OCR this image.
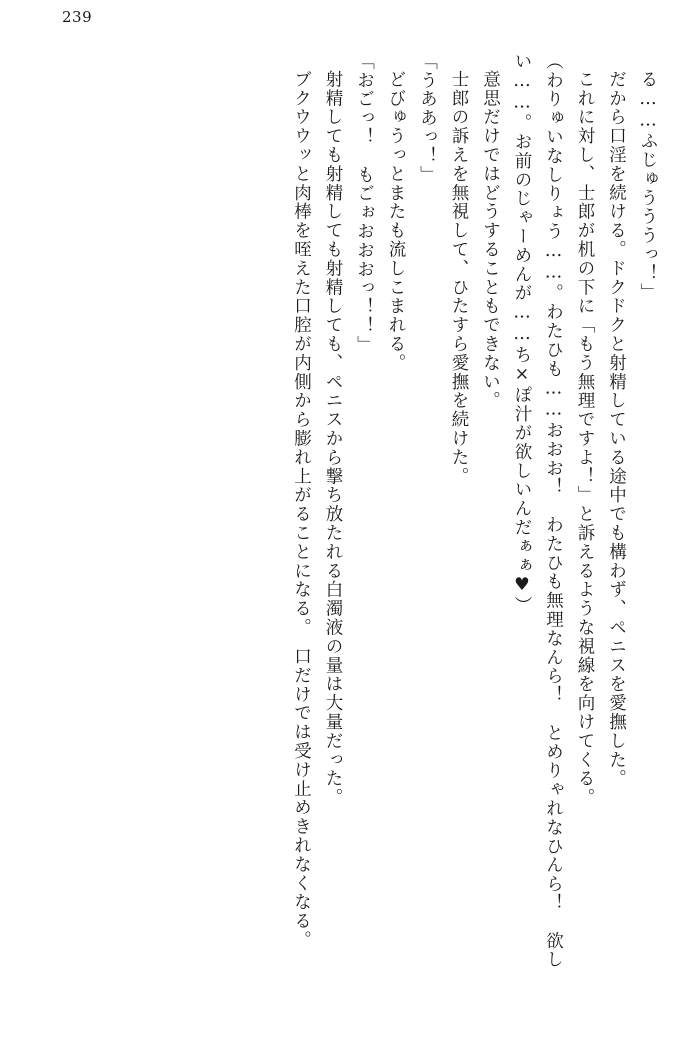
239

る……ふじゅうううっ！」

だから口淫を続ける。ドクドクと射精している途中でも構わず、ペニスを愛撫した。

これに対し、士郎が机の下に「もう無理ですよ！」と訴えるような視線を向けてくる。

（わりゅいなしりょう……。わたひも……おおお！　わたひも無理なんら！　とめりゃれなひんら！　欲しい……。お前のじゃーめんが……ち×ぽ汁が欲しいんだぁぁ♥）

意思だけではどうすることもできない。

士郎の訴えを無視して、ひたすら愛撫を続けた。

「うああっ！」

どびゅうっとまたも流しこまれる。

「おごっ！　もごぉおおおっ！！」

射精しても射精しても射精しても、ペニスから撃ち放たれる白濁液の量は大量だった。

ブクウウッと肉棒を咥えた口腔が内側から膨れ上がることになる。　口だけでは受け止めきれなくなる。
